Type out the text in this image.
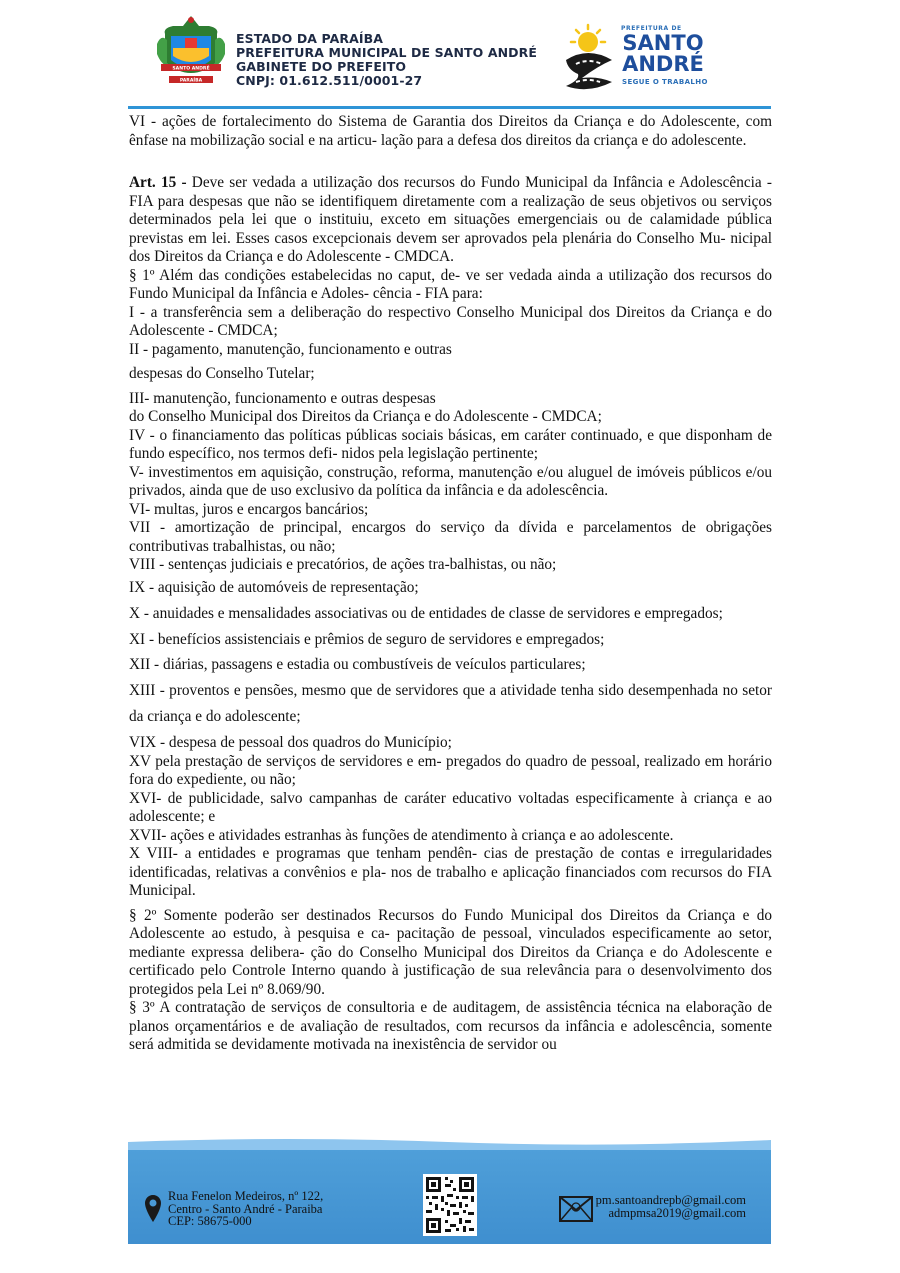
SANTO ANDRÉ
PARAÍBA
ESTADO DA PARAÍBA
PREFEITURA MUNICIPAL DE SANTO ANDRÉ
GABINETE DO PREFEITO
CNPJ: 01.612.511/0001-27
PREFEITURA DE
SANTO
ANDRÉ
SEGUE O TRABALHO

VI - ações de fortalecimento do Sistema de Garantia dos Direitos da Criança e do Adolescente, com ênfase na mobilização social e na articu- lação para a defesa dos direitos da criança e do adolescente.

Art. 15 - Deve ser vedada a utilização dos recursos do Fundo Municipal da Infância e Adolescência - FIA para despesas que não se identifiquem diretamente com a realização de seus objetivos ou serviços determinados pela lei que o instituiu, exceto em situações emergenciais ou de calamidade pública previstas em lei. Esses casos excepcionais devem ser aprovados pela plenária do Conselho Mu- nicipal dos Direitos da Criança e do Adolescente - CMDCA.

§ 1º Além das condições estabelecidas no caput, de- ve ser vedada ainda a utilização dos recursos do Fundo Municipal da Infância e Adoles- cência - FIA para:

I - a transferência sem a deliberação do respectivo Conselho Municipal dos Direitos da Criança e do Adolescente - CMDCA;

II - pagamento, manutenção, funcionamento e outras

despesas do Conselho Tutelar;

III- manutenção, funcionamento e outras despesas

do Conselho Municipal dos Direitos da Criança e do Adolescente - CMDCA;

IV - o financiamento das políticas públicas sociais básicas, em caráter continuado, e que disponham de fundo específico, nos termos defi- nidos pela legislação pertinente;

V- investimentos em aquisição, construção, reforma, manutenção e/ou aluguel de imóveis públicos e/ou privados, ainda que de uso exclusivo da política da infância e da adolescência.

VI- multas, juros e encargos bancários;

VII - amortização de principal, encargos do serviço da dívida e parcelamentos de obrigações contributivas trabalhistas, ou não;

VIII - sentenças judiciais e precatórios, de ações tra-balhistas, ou não;

IX - aquisição de automóveis de representação;

X - anuidades e mensalidades associativas ou de entidades de classe de servidores e empregados;

XI - benefícios assistenciais e prêmios de seguro de servidores e empregados;

XII - diárias, passagens e estadia ou combustíveis de veículos particulares;

XIII - proventos e pensões, mesmo que de servidores que a atividade tenha sido desempenhada no setor da criança e do adolescente;

VIX - despesa de pessoal dos quadros do Município;

XV pela prestação de serviços de servidores e em- pregados do quadro de pessoal, realizado em horário fora do expediente, ou não;

XVI- de publicidade, salvo campanhas de caráter educativo voltadas especificamente à criança e ao adolescente; e

XVII- ações e atividades estranhas às funções de atendimento à criança e ao adolescente.

X VIII- a entidades e programas que tenham pendên- cias de prestação de contas e irregularidades identificadas, relativas a convênios e pla- nos de trabalho e aplicação financiados com recursos do FIA Municipal.

§ 2º Somente poderão ser destinados Recursos do Fundo Municipal dos Direitos da Criança e do Adolescente ao estudo, à pesquisa e ca- pacitação de pessoal, vinculados especificamente ao setor, mediante expressa delibera- ção do Conselho Municipal dos Direitos da Criança e do Adolescente e certificado pelo Controle Interno quando à justificação de sua relevância para o desenvolvimento dos protegidos pela Lei nº 8.069/90.

§ 3º A contratação de serviços de consultoria e de auditagem, de assistência técnica na elaboração de planos orçamentários e de avaliação de resultados, com recursos da infância e adolescência, somente será admitida se devidamente motivada na inexistência de servidor ou

Rua Fenelon Medeiros, nº 122,
Centro - Santo André - Paraiba
CEP: 58675-000
pm.santoandrepb@gmail.com
admpmsa2019@gmail.com
